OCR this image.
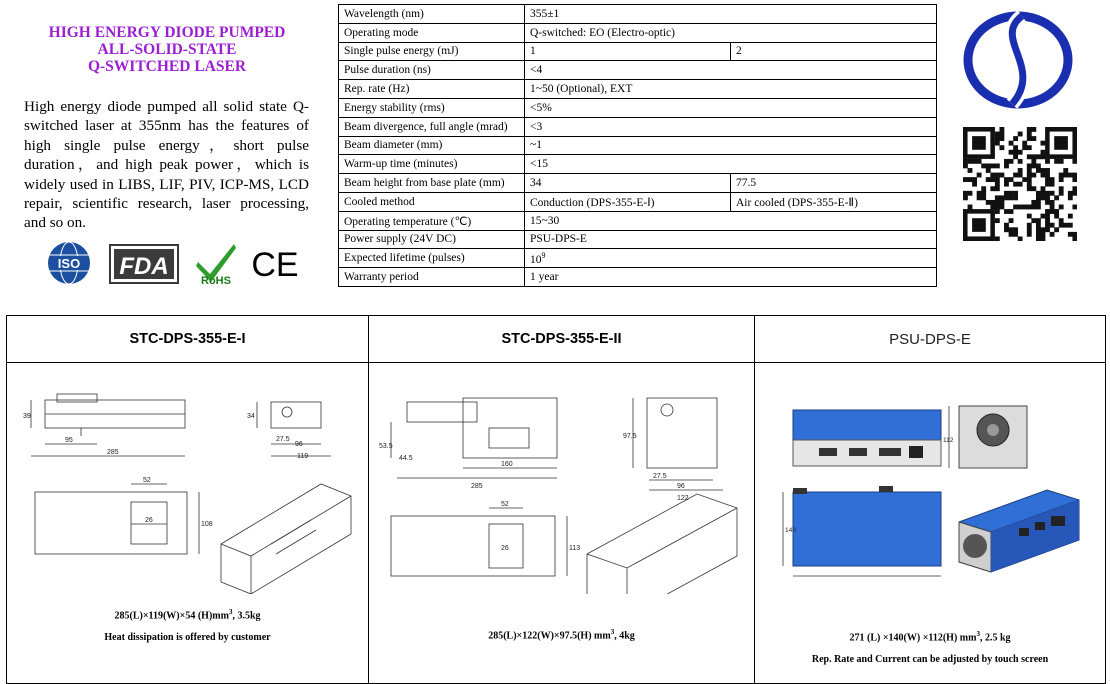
HIGH ENERGY DIODE PUMPED
ALL-SOLID-STATE
Q-SWITCHED LASER

High energy diode pumped all solid state Q-switched laser at 355nm has the features of high single pulse energy，short pulse duration，and high peak power，which is widely used in LIBS, LIF, PIV, ICP-MS, LCD repair, scientific research, laser processing, and so on.

ISO FDA
RoHS CE
Wavelength (nm)	355±1	
Operating mode	Q-switched: EO (Electro-optic)	
Single pulse energy (mJ)	1	2
Pulse duration (ns)	<4	
Rep. rate (Hz)	1~50 (Optional), EXT	
Energy stability (rms)	<5%	
Beam divergence, full angle (mrad)	<3	
Beam diameter (mm)	~1	
Warm-up time (minutes)	<15	
Beam height from base plate (mm)	34	77.5
Cooled method	Conduction (DPS-355-E-Ⅰ)	Air cooled (DPS-355-E-Ⅱ)
Operating temperature (℃)	15~30	
Power supply (24V DC)	PSU-DPS-E	
Expected lifetime (pulses)	$10^9$
Warranty period	1 year	
STC-DPS-355-E-I
39
95
285
34
27.5
96
119
52
26
108
285(L)×119(W)×54 $(H)mm^3$, 3.5kg
Heat dissipation is offered by customer
STC-DPS-355-E-II
53.5
44.5
160
285
97.5
27.5
96
122
52
26	113
285(L)×122(W)×97.5(H) $mm^3$, 4kg
PSU-DPS-E
112
140
271 (L) ×140(W) ×112(H) $mm^3$, 2.5 kg
Rep. Rate and Current can be adjusted by touch screen
